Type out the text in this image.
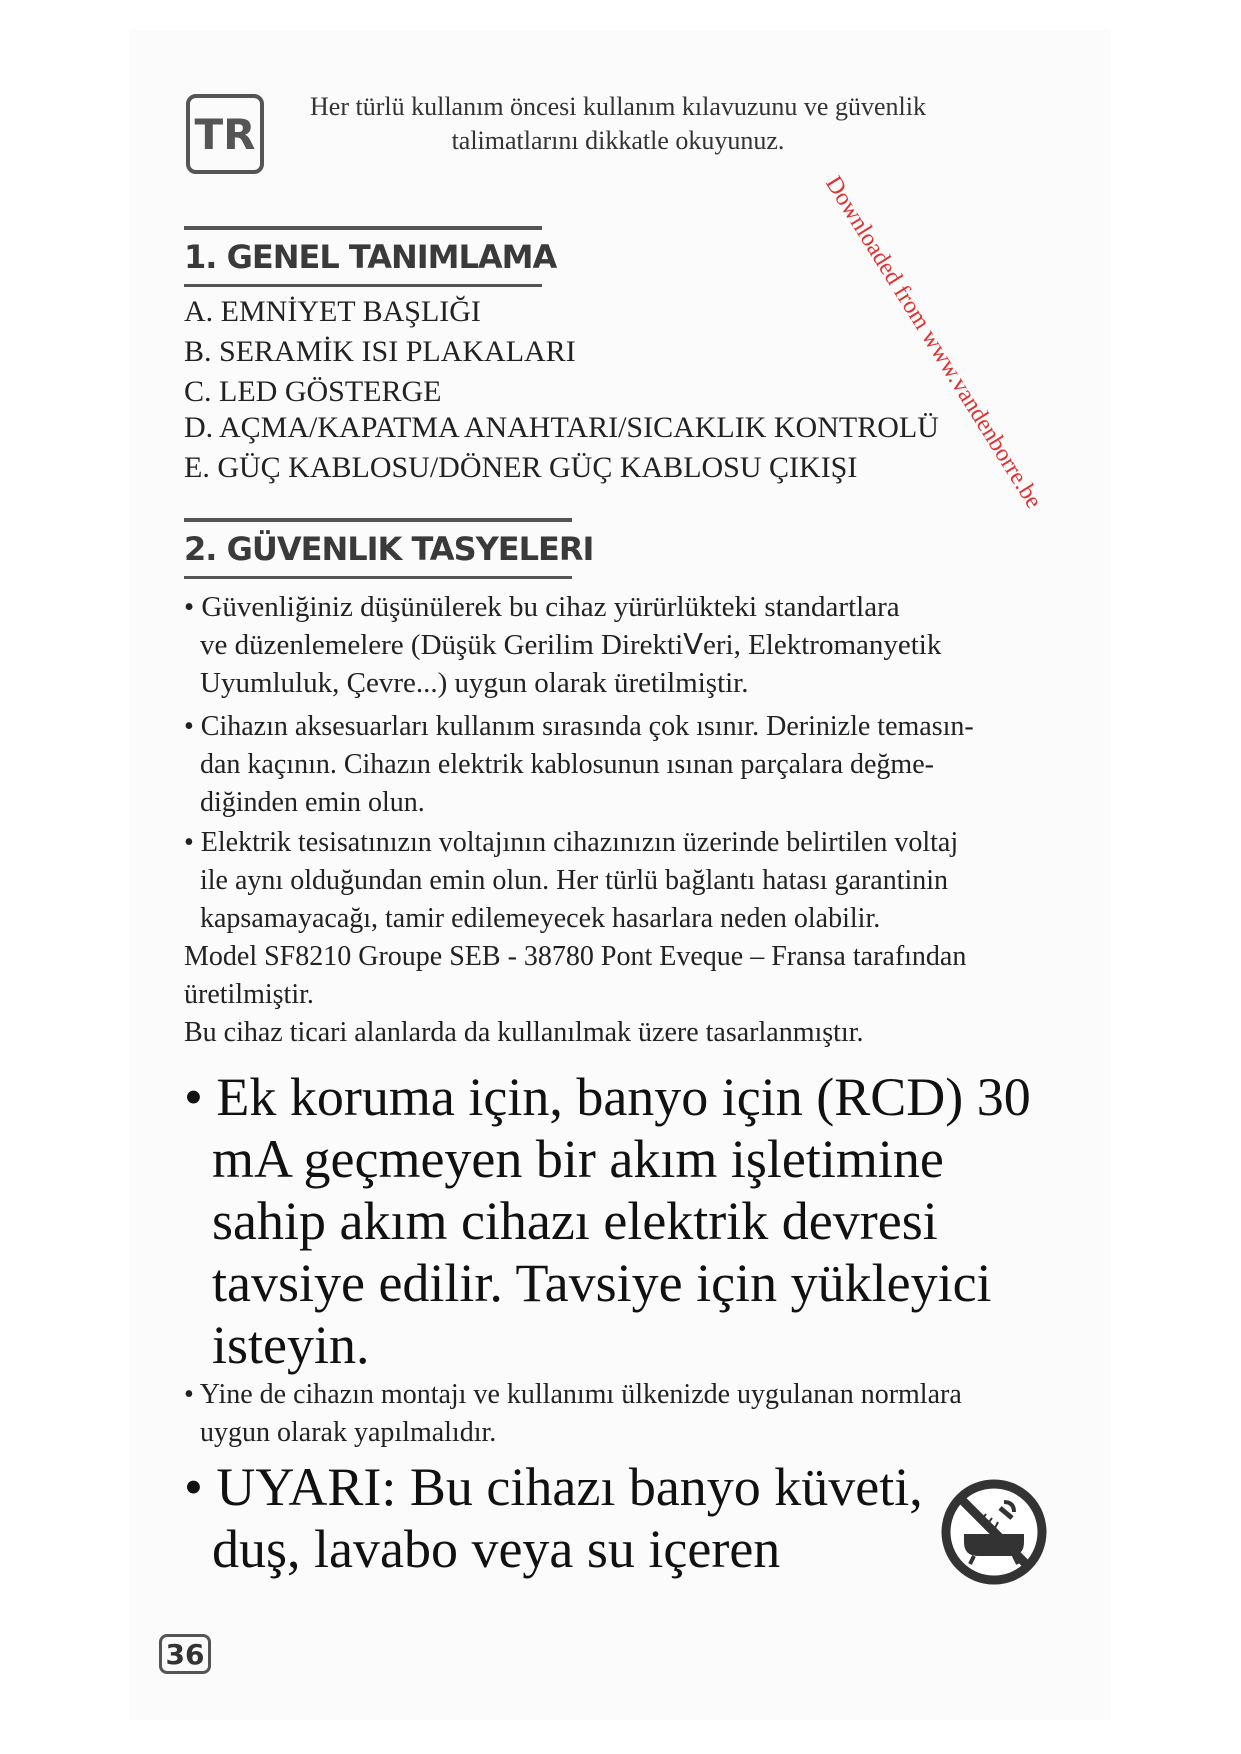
TR
Her türlü kullanım öncesi kullanım kılavuzunu ve güvenlik
talimatlarını dikkatle okuyunuz.
Downloaded from www.vandenborre.be
1. GENEL TANIMLAMA
A. EMNİYET BAŞLIĞI
B. SERAMİK ISI PLAKALARI
C. LED GÖSTERGE
D. AÇMA/KAPATMA ANAHTARI/SICAKLIK KONTROLÜ
E. GÜÇ KABLOSU/DÖNER GÜÇ KABLOSU ÇIKIŞI
2. GÜVENLIK TASYELERI
• Güvenliğiniz düşünülerek bu cihaz yürürlükteki standartlara
ve düzenlemelere (Düşük Gerilim Direktiⴸeri, Elektromanyetik
Uyumluluk, Çevre...) uygun olarak üretilmiştir.
• Cihazın aksesuarları kullanım sırasında çok ısınır. Derinizle temasın-
dan kaçının. Cihazın elektrik kablosunun ısınan parçalara değme-
diğinden emin olun.
• Elektrik tesisatınızın voltajının cihazınızın üzerinde belirtilen voltaj
ile aynı olduğundan emin olun. Her türlü bağlantı hatası garantinin
kapsamayacağı, tamir edilemeyecek hasarlara neden olabilir.
Model SF8210 Groupe SEB - 38780 Pont Eveque – Fransa tarafından
üretilmiştir.
Bu cihaz ticari alanlarda da kullanılmak üzere tasarlanmıştır.
• Ek koruma için, banyo için (RCD) 30
mA geçmeyen bir akım işletimine
sahip akım cihazı elektrik devresi
tavsiye edilir. Tavsiye için yükleyici
isteyin.
• Yine de cihazın montajı ve kullanımı ülkenizde uygulanan normlara
uygun olarak yapılmalıdır.
• UYARI: Bu cihazı banyo küveti,
duş, lavabo veya su içeren
36
